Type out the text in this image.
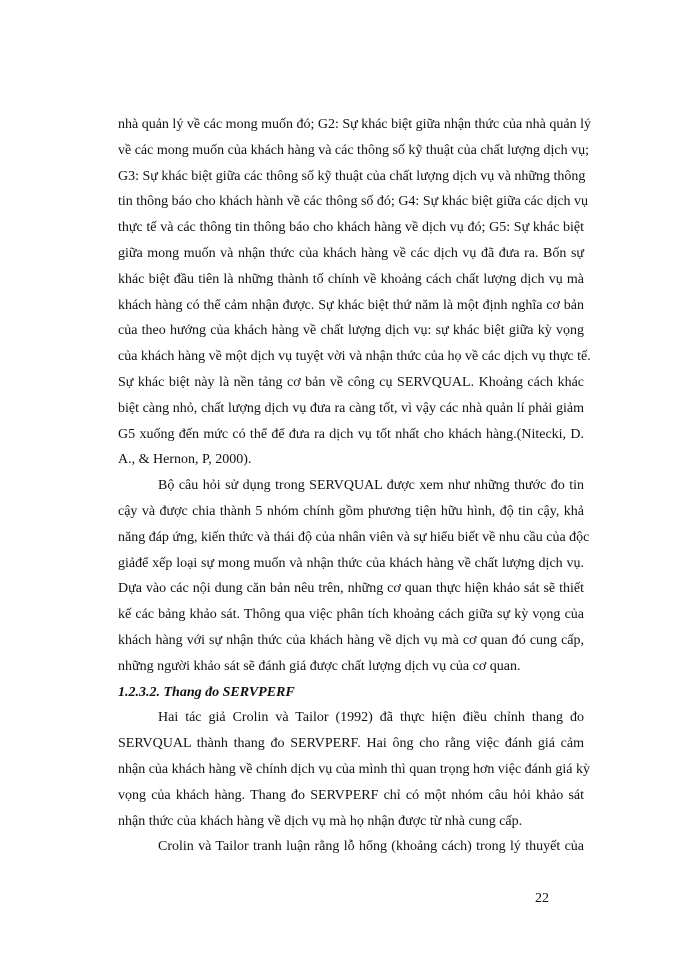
nhà quản lý về các mong muốn đó; G2: Sự khác biệt giữa nhận thức của nhà quản lý
về các mong muốn của khách hàng và các thông số kỹ thuật của chất lượng dịch vụ;
G3: Sự khác biệt giữa các thông số kỹ thuật của chất lượng dịch vụ và những thông
tin thông báo cho khách hành về các thông số đó; G4: Sự khác biệt giữa các dịch vụ
thực tế và các thông tin thông báo cho khách hàng về dịch vụ đó; G5: Sự khác biệt
giữa mong muốn và nhận thức của khách hàng về các dịch vụ đã đưa ra. Bốn sự
khác biệt đầu tiên là những thành tố chính về khoảng cách chất lượng dịch vụ mà
khách hàng có thể cảm nhận được. Sự khác biệt thứ năm là một định nghĩa cơ bản
của theo hướng của khách hàng về chất lượng dịch vụ: sự khác biệt giữa kỳ vọng
của khách hàng về một dịch vụ tuyệt vời và nhận thức của họ về các dịch vụ thực tế.
Sự khác biệt này là nền tảng cơ bản về công cụ SERVQUAL. Khoảng cách khác
biệt càng nhỏ, chất lượng dịch vụ đưa ra càng tốt, vì vậy các nhà quản lí phải giảm
G5 xuống đến mức có thể để đưa ra dịch vụ tốt nhất cho khách hàng.(Nitecki, D.
A., & Hernon, P, 2000).
Bộ câu hỏi sử dụng trong SERVQUAL được xem như những thước đo tin
cậy và được chia thành 5 nhóm chính gồm phương tiện hữu hình, độ tin cậy, khả
năng đáp ứng, kiến thức và thái độ của nhân viên và sự hiểu biết về nhu cầu của độc
giảđể xếp loại sự mong muốn và nhận thức của khách hàng về chất lượng dịch vụ.
Dựa vào các nội dung căn bản nêu trên, những cơ quan thực hiện khảo sát sẽ thiết
kế các bảng khảo sát. Thông qua việc phân tích khoảng cách giữa sự kỳ vọng của
khách hàng với sự nhận thức của khách hàng về dịch vụ mà cơ quan đó cung cấp,
những người khảo sát sẽ đánh giá được chất lượng dịch vụ của cơ quan.
1.2.3.2. Thang đo SERVPERF
Hai tác giả Crolin và Tailor (1992) đã thực hiện điều chỉnh thang đo
SERVQUAL thành thang đo SERVPERF. Hai ông cho rằng việc đánh giá cảm
nhận của khách hàng về chính dịch vụ của mình thì quan trọng hơn việc đánh giá kỳ
vọng của khách hàng. Thang đo SERVPERF chỉ có một nhóm câu hỏi khảo sát
nhận thức của khách hàng về dịch vụ mà họ nhận được từ nhà cung cấp.
Crolin và Tailor tranh luận rằng lỗ hổng (khoảng cách) trong lý thuyết của
22
